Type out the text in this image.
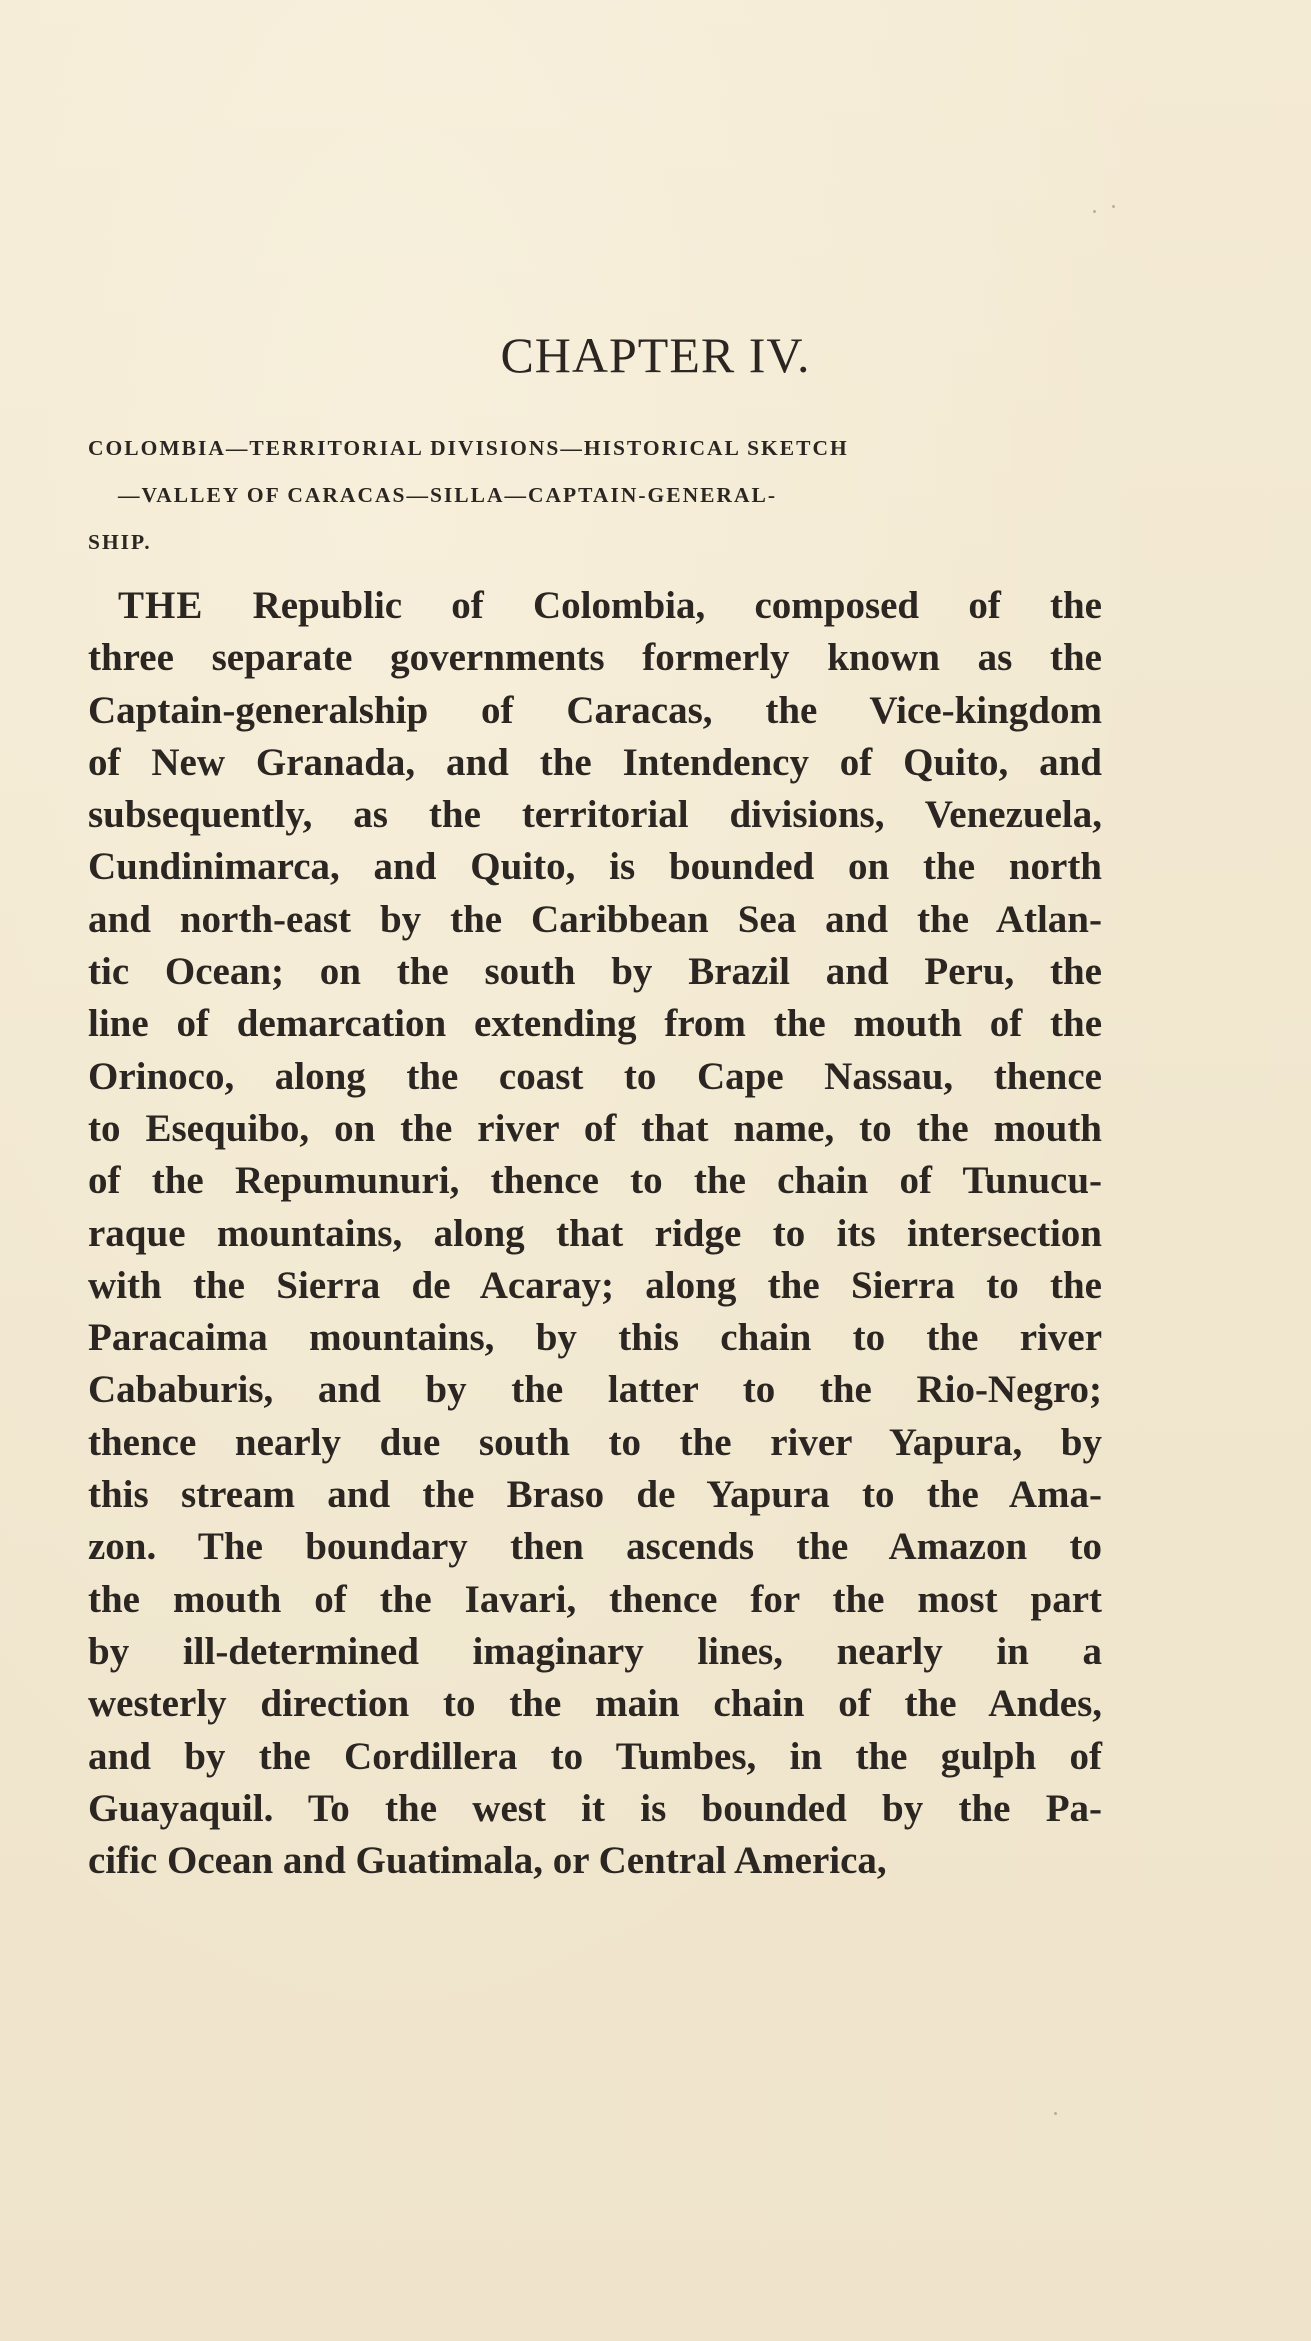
CHAPTER IV.

COLOMBIA—TERRITORIAL DIVISIONS—HISTORICAL SKETCH
—VALLEY OF CARACAS—SILLA—CAPTAIN-GENERAL-
SHIP.

THE Republic of Colombia, composed of the
three separate governments formerly known as the
Captain-generalship of Caracas, the Vice-kingdom
of New Granada, and the Intendency of Quito, and
subsequently, as the territorial divisions, Venezuela,
Cundinimarca, and Quito, is bounded on the north
and north-east by the Caribbean Sea and the Atlan-
tic Ocean; on the south by Brazil and Peru, the
line of demarcation extending from the mouth of the
Orinoco, along the coast to Cape Nassau, thence
to Esequibo, on the river of that name, to the mouth
of the Repumunuri, thence to the chain of Tunucu-
raque mountains, along that ridge to its intersection
with the Sierra de Acaray; along the Sierra to the
Paracaima mountains, by this chain to the river
Cababuris, and by the latter to the Rio-Negro;
thence nearly due south to the river Yapura, by
this stream and the Braso de Yapura to the Ama-
zon. The boundary then ascends the Amazon to
the mouth of the Iavari, thence for the most part
by ill-determined imaginary lines, nearly in a
westerly direction to the main chain of the Andes,
and by the Cordillera to Tumbes, in the gulph of
Guayaquil. To the west it is bounded by the Pa-
cific Ocean and Guatimala, or Central America,
